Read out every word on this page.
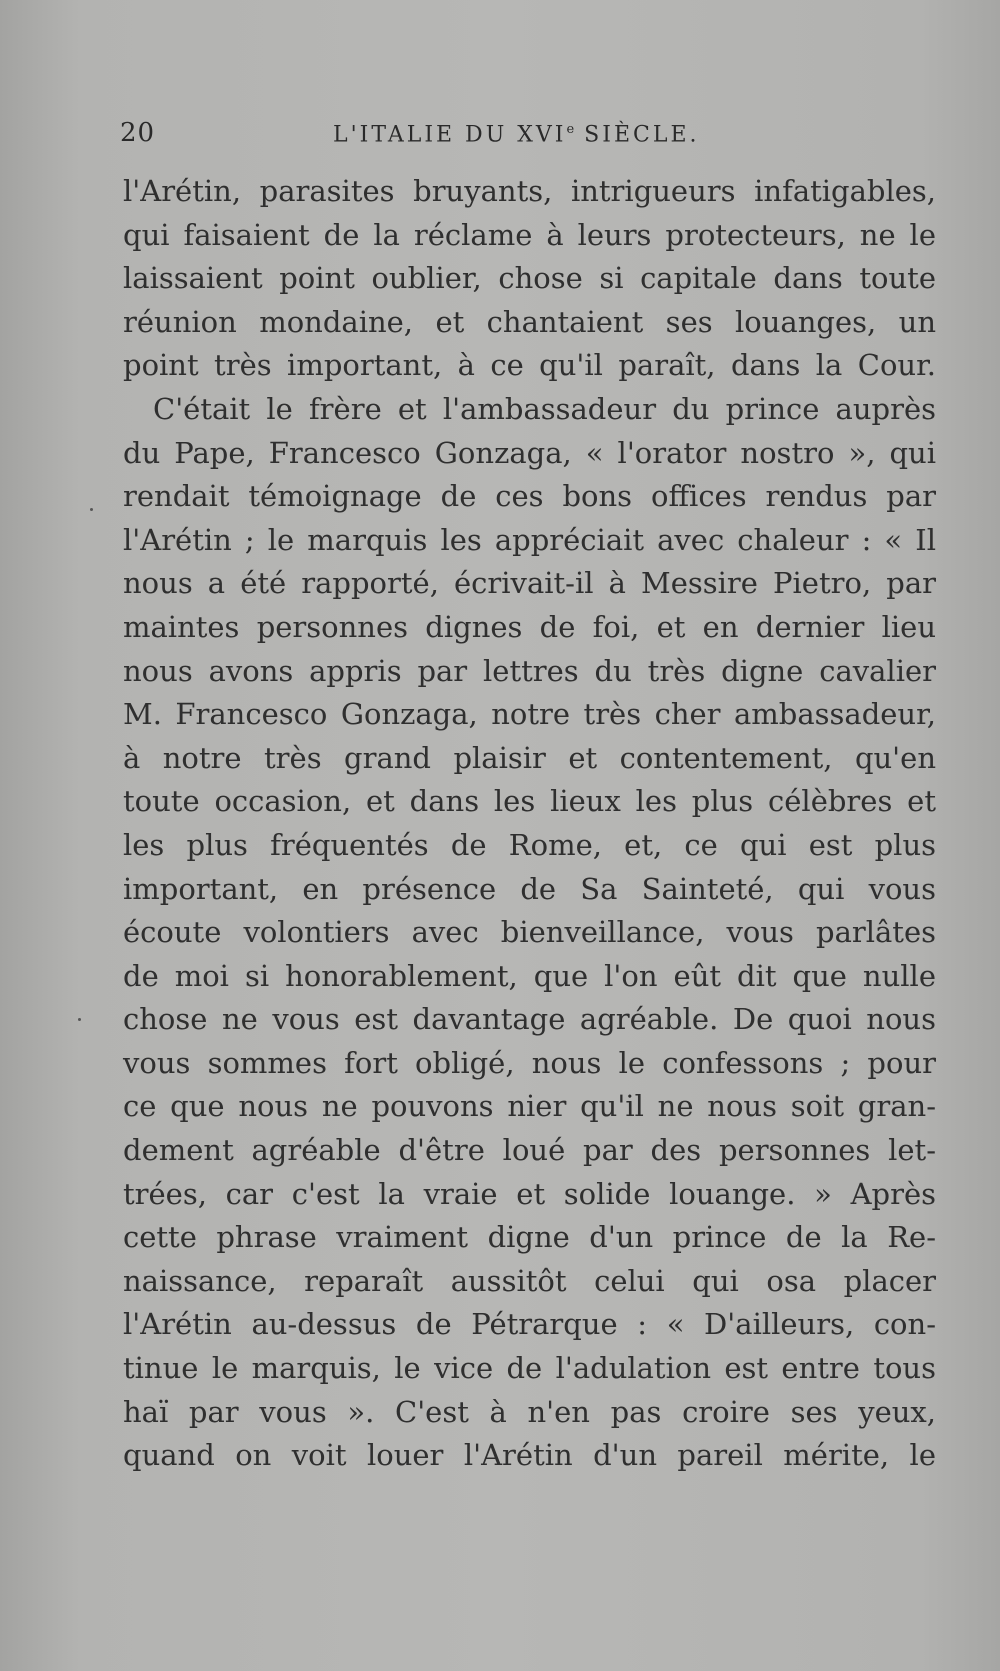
20	L'ITALIE DU XVIe SIÈCLE.
l'Arétin, parasites bruyants, intrigueurs infatigables,
qui faisaient de la réclame à leurs protecteurs, ne le
laissaient point oublier, chose si capitale dans toute
réunion mondaine, et chantaient ses louanges, un
point très important, à ce qu'il paraît, dans la Cour.
C'était le frère et l'ambassadeur du prince auprès
du Pape, Francesco Gonzaga, « l'orator nostro », qui
rendait témoignage de ces bons offices rendus par
l'Arétin ; le marquis les appréciait avec chaleur : « Il
nous a été rapporté, écrivait-il à Messire Pietro, par
maintes personnes dignes de foi, et en dernier lieu
nous avons appris par lettres du très digne cavalier
M. Francesco Gonzaga, notre très cher ambassadeur,
à notre très grand plaisir et contentement, qu'en
toute occasion, et dans les lieux les plus célèbres et
les plus fréquentés de Rome, et, ce qui est plus
important, en présence de Sa Sainteté, qui vous
écoute volontiers avec bienveillance, vous parlâtes
de moi si honorablement, que l'on eût dit que nulle
chose ne vous est davantage agréable. De quoi nous
vous sommes fort obligé, nous le confessons ; pour
ce que nous ne pouvons nier qu'il ne nous soit gran-
dement agréable d'être loué par des personnes let-
trées, car c'est la vraie et solide louange. » Après
cette phrase vraiment digne d'un prince de la Re-
naissance, reparaît aussitôt celui qui osa placer
l'Arétin au-dessus de Pétrarque : « D'ailleurs, con-
tinue le marquis, le vice de l'adulation est entre tous
haï par vous ». C'est à n'en pas croire ses yeux,
quand on voit louer l'Arétin d'un pareil mérite, le
